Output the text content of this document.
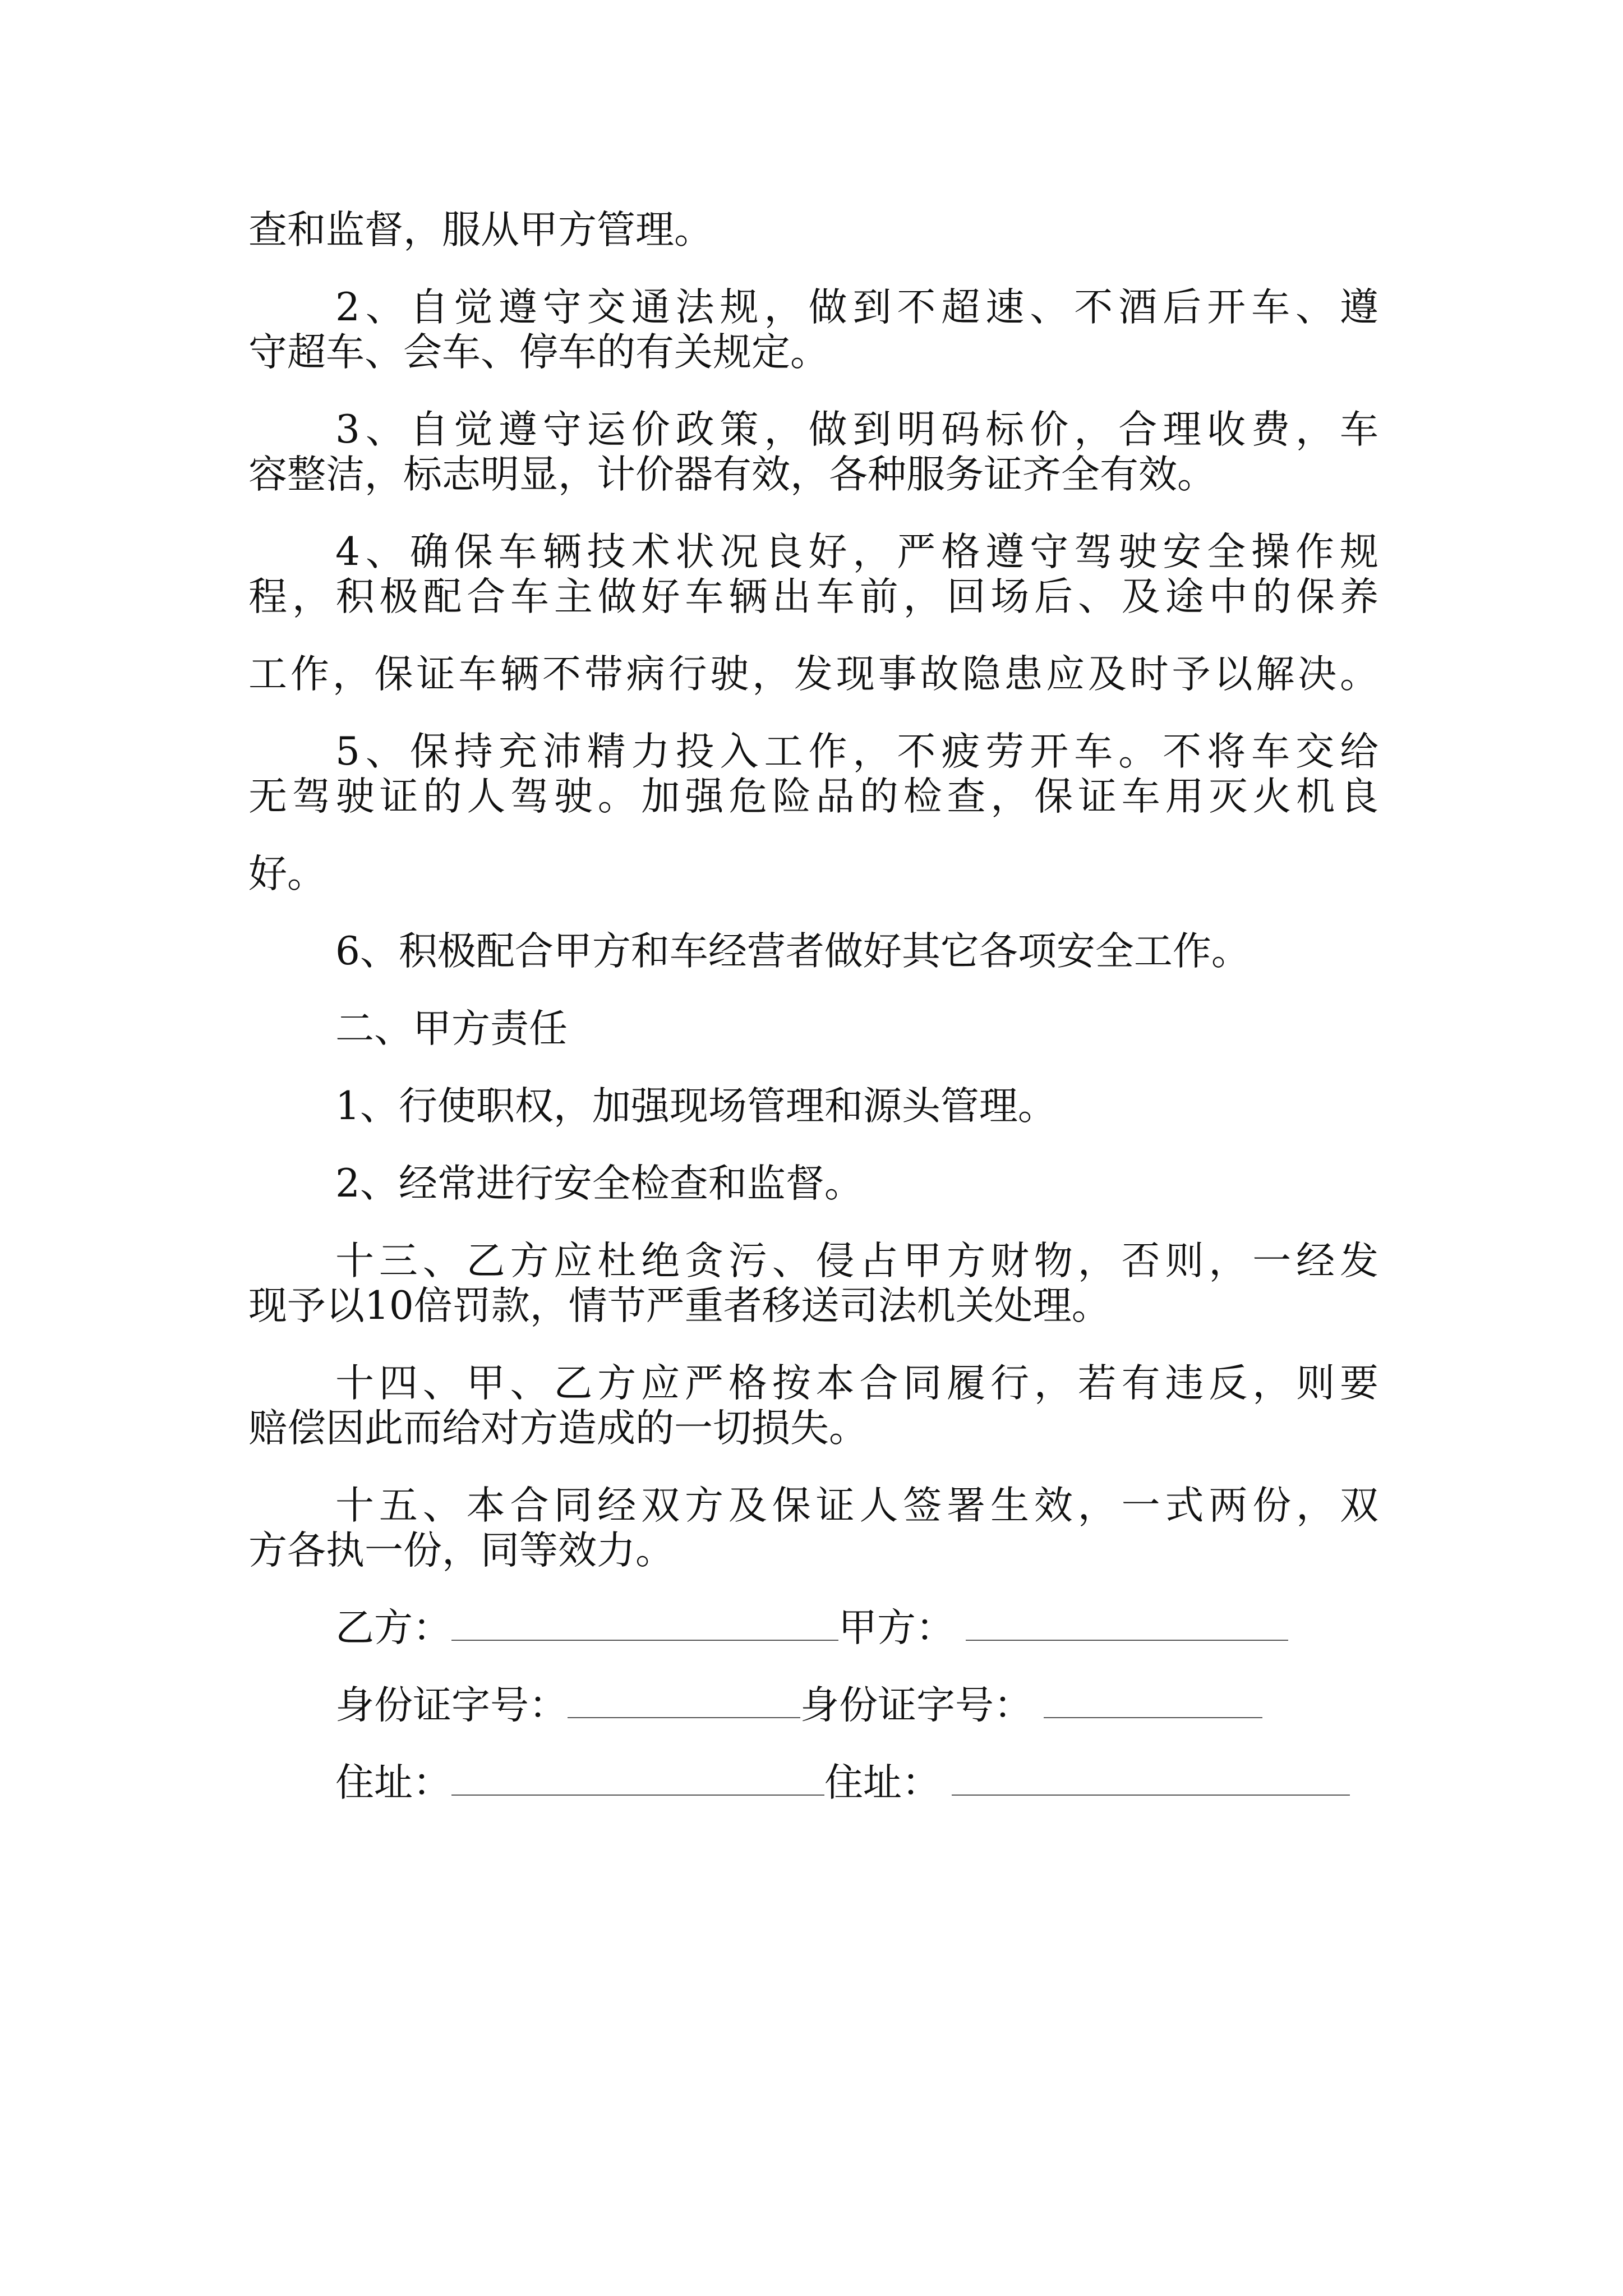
查和监督，服从甲方管理。
2、自觉遵守交通法规，做到不超速、不酒后开车、遵
守超车、会车、停车的有关规定。
3、自觉遵守运价政策，做到明码标价，合理收费，车
容整洁，标志明显，计价器有效，各种服务证齐全有效。
4、确保车辆技术状况良好，严格遵守驾驶安全操作规
程，积极配合车主做好车辆出车前，回场后、及途中的保养
工作，保证车辆不带病行驶，发现事故隐患应及时予以解决。
5、保持充沛精力投入工作，不疲劳开车。不将车交给
无驾驶证的人驾驶。加强危险品的检查，保证车用灭火机良
好。
6、积极配合甲方和车经营者做好其它各项安全工作。
二、甲方责任
1、行使职权，加强现场管理和源头管理。
2、经常进行安全检查和监督。
十三、乙方应杜绝贪污、侵占甲方财物，否则，一经发
现予以10倍罚款，情节严重者移送司法机关处理。
十四、甲、乙方应严格按本合同履行，若有违反，则要
赔偿因此而给对方造成的一切损失。
十五、本合同经双方及保证人签署生效，一式两份，双
方各执一份，同等效力。
乙方：	甲方：
身份证字号：	身份证字号：
住址：	住址：
